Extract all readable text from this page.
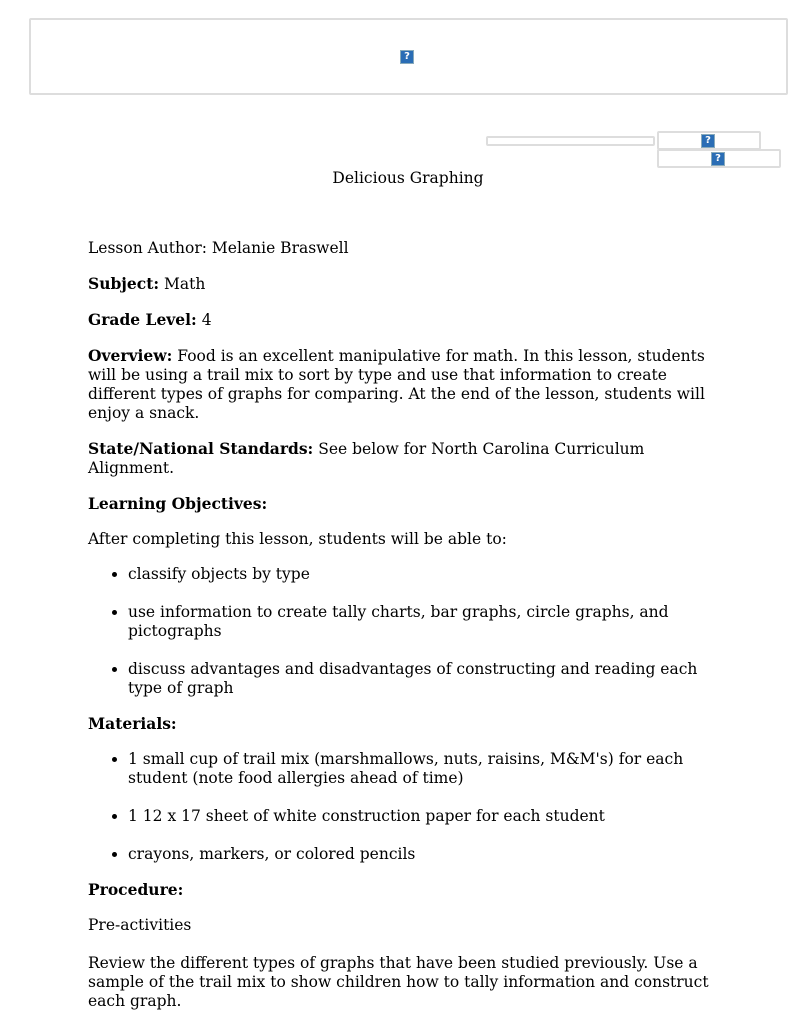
?
?
?
Delicious Graphing

Lesson Author: Melanie Braswell

Subject: Math

Grade Level: 4

Overview: Food is an excellent manipulative for math. In this lesson, students will be using a trail mix to sort by type and use that information to create different types of graphs for comparing. At the end of the lesson, students will enjoy a snack.

State/National Standards: See below for North Carolina Curriculum Alignment.

Learning Objectives:

After completing this lesson, students will be able to:

• classify objects by type
• use information to create tally charts, bar graphs, circle graphs, and pictographs
• discuss advantages and disadvantages of constructing and reading each type of graph

Materials:

• 1 small cup of trail mix (marshmallows, nuts, raisins, M&M's) for each student (note food allergies ahead of time)
• 1 12 x 17 sheet of white construction paper for each student
• crayons, markers, or colored pencils

Procedure:

Pre-activities

Review the different types of graphs that have been studied previously. Use a sample of the trail mix to show children how to tally information and construct each graph.
